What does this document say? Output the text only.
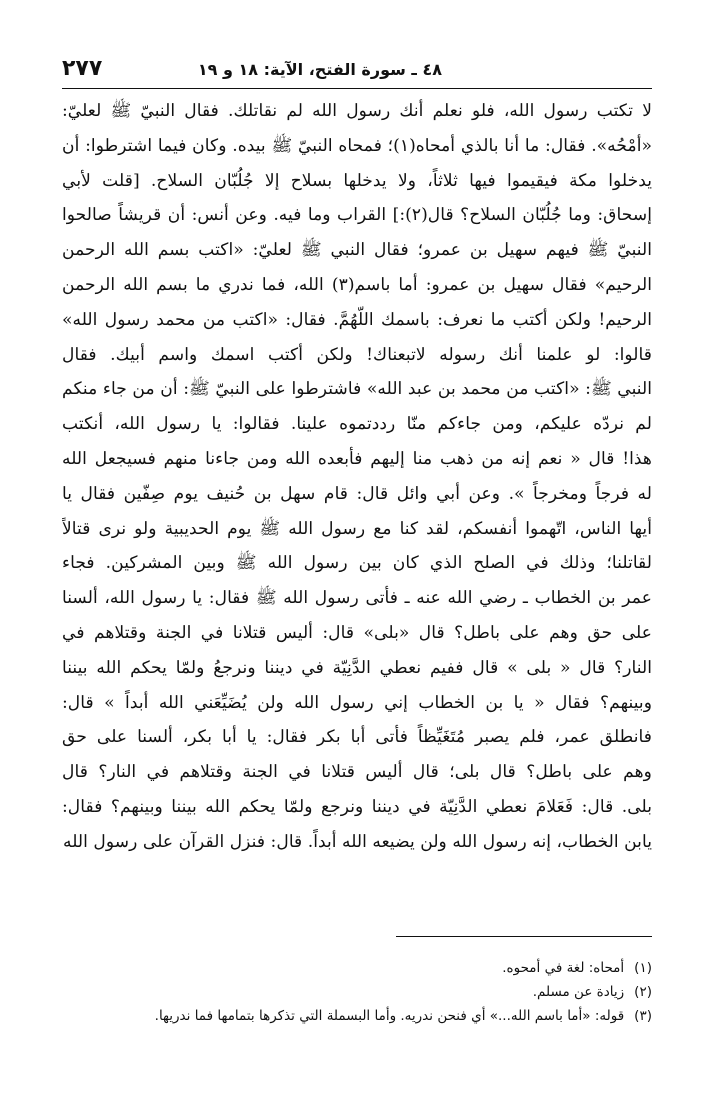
٤٨ ـ سورة الفتح، الآية: ١٨ و ١٩
٢٧٧
لا تكتب رسول الله، فلو نعلم أنك رسول الله لم نقاتلك. فقال النبيّ ﷺ لعليّ:
«أمْحُه». فقال: ما أنا بالذي أمحاه(١)؛ فمحاه النبيّ ﷺ بيده. وكان فيما اشترطوا: أن
يدخلوا مكة فيقيموا فيها ثلاثاً، ولا يدخلها بسلاح إلا جُلُبّان السلاح. [قلت لأبي
إسحاق: وما جُلُبّان السلاح؟ قال(٢):] القراب وما فيه. وعن أنس: أن قريشاً صالحوا
النبيّ ﷺ فيهم سهيل بن عمرو؛ فقال النبي ﷺ لعليّ: «اكتب بسم الله الرحمن
الرحيم» فقال سهيل بن عمرو: أما باسم(٣) الله، فما ندري ما بسم الله الرحمن
الرحيم! ولكن أكتب ما نعرف: باسمك اللّهُمَّ. فقال: «اكتب من محمد رسول الله»
قالوا: لو علمنا أنك رسوله لاتبعناك! ولكن أكتب اسمك واسم أبيك. فقال
النبي ﷺ: «اكتب من محمد بن عبد الله» فاشترطوا على النبيّ ﷺ: أن من جاء منكم
لم نردّه عليكم، ومن جاءكم منّا رددتموه علينا. فقالوا: يا رسول الله، أنكتب
هذا! قال « نعم إنه من ذهب منا إليهم فأبعده الله ومن جاءنا منهم فسيجعل الله
له فرجاً ومخرجاً ». وعن أبي وائل قال: قام سهل بن حُنيف يوم صِفّين فقال يا
أيها الناس، اتّهموا أنفسكم، لقد كنا مع رسول الله ﷺ يوم الحديبية ولو نرى قتالاً
لقاتلنا؛ وذلك في الصلح الذي كان بين رسول الله ﷺ وبين المشركين. فجاء
عمر بن الخطاب ـ رضي الله عنه ـ فأتى رسول الله ﷺ فقال: يا رسول الله، ألسنا
على حق وهم على باطل؟ قال «بلى» قال: أليس قتلانا في الجنة وقتلاهم في
النار؟ قال « بلى » قال ففيم نعطي الدَّنِيّة في ديننا ونرجعُ ولمّا يحكم الله بيننا
وبينهم؟ فقال « يا بن الخطاب إني رسول الله ولن يُضَيِّعَني الله أبداً » قال:
فانطلق عمر، فلم يصبر مُتَغَيِّظاً فأتى أبا بكر فقال: يا أبا بكر، ألسنا على حق
وهم على باطل؟ قال بلى؛ قال أليس قتلانا في الجنة وقتلاهم في النار؟ قال
بلى. قال: فَعَلامَ نعطي الدَّنِيّة في ديننا ونرجع ولمّا يحكم الله بيننا وبينهم؟ فقال:
يابن الخطاب، إنه رسول الله ولن يضيعه الله أبداً. قال: فنزل القرآن على رسول الله
(١)أمحاه: لغة في أمحوه.
(٢)زيادة عن مسلم.
(٣)قوله: «أما باسم الله...» أي فنحن ندريه. وأما البسملة التي تذكرها بتمامها فما ندريها.
